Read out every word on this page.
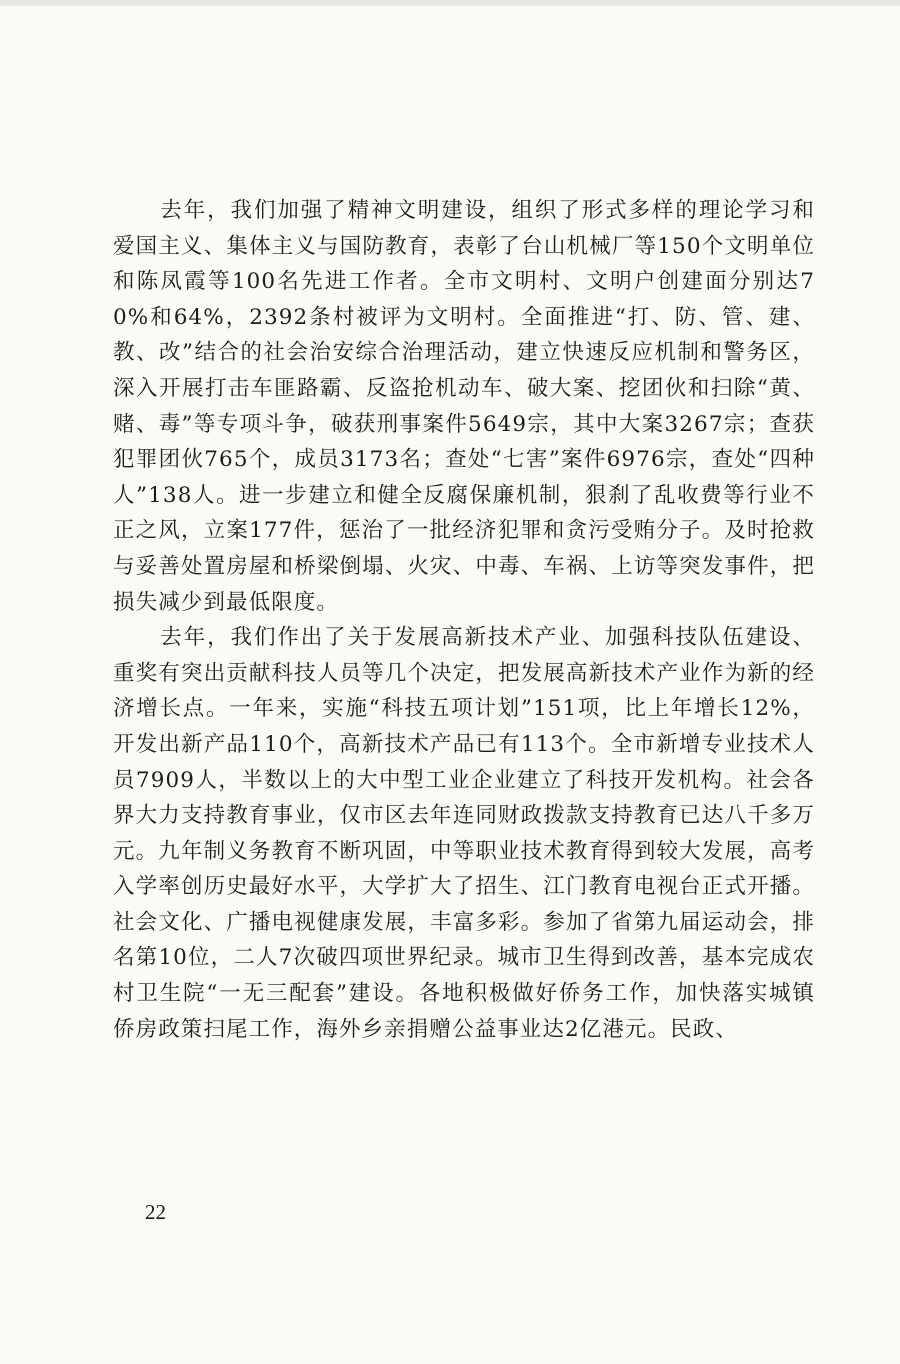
去年，我们加强了精神文明建设，组织了形式多样的理论学习和爱国主义、集体主义与国防教育，表彰了台山机械厂等150个文明单位和陈凤霞等100名先进工作者。全市文明村、文明户创建面分别达70%和64%，2392条村被评为文明村。全面推进“打、防、管、建、教、改”结合的社会治安综合治理活动，建立快速反应机制和警务区，深入开展打击车匪路霸、反盗抢机动车、破大案、挖团伙和扫除“黄、赌、毒”等专项斗争，破获刑事案件5649宗，其中大案3267宗；查获犯罪团伙765个，成员3173名；查处“七害”案件6976宗，查处“四种人”138人。进一步建立和健全反腐保廉机制，狠刹了乱收费等行业不正之风，立案177件，惩治了一批经济犯罪和贪污受贿分子。及时抢救与妥善处置房屋和桥梁倒塌、火灾、中毒、车祸、上访等突发事件，把损失减少到最低限度。

去年，我们作出了关于发展高新技术产业、加强科技队伍建设、重奖有突出贡献科技人员等几个决定，把发展高新技术产业作为新的经济增长点。一年来，实施“科技五项计划”151项，比上年增长12%，开发出新产品110个，高新技术产品已有113个。全市新增专业技术人员7909人，半数以上的大中型工业企业建立了科技开发机构。社会各界大力支持教育事业，仅市区去年连同财政拨款支持教育已达八千多万元。九年制义务教育不断巩固，中等职业技术教育得到较大发展，高考入学率创历史最好水平，大学扩大了招生、江门教育电视台正式开播。社会文化、广播电视健康发展，丰富多彩。参加了省第九届运动会，排名第10位，二人7次破四项世界纪录。城市卫生得到改善，基本完成农村卫生院“一无三配套”建设。各地积极做好侨务工作，加快落实城镇侨房政策扫尾工作，海外乡亲捐赠公益事业达2亿港元。民政、

22
